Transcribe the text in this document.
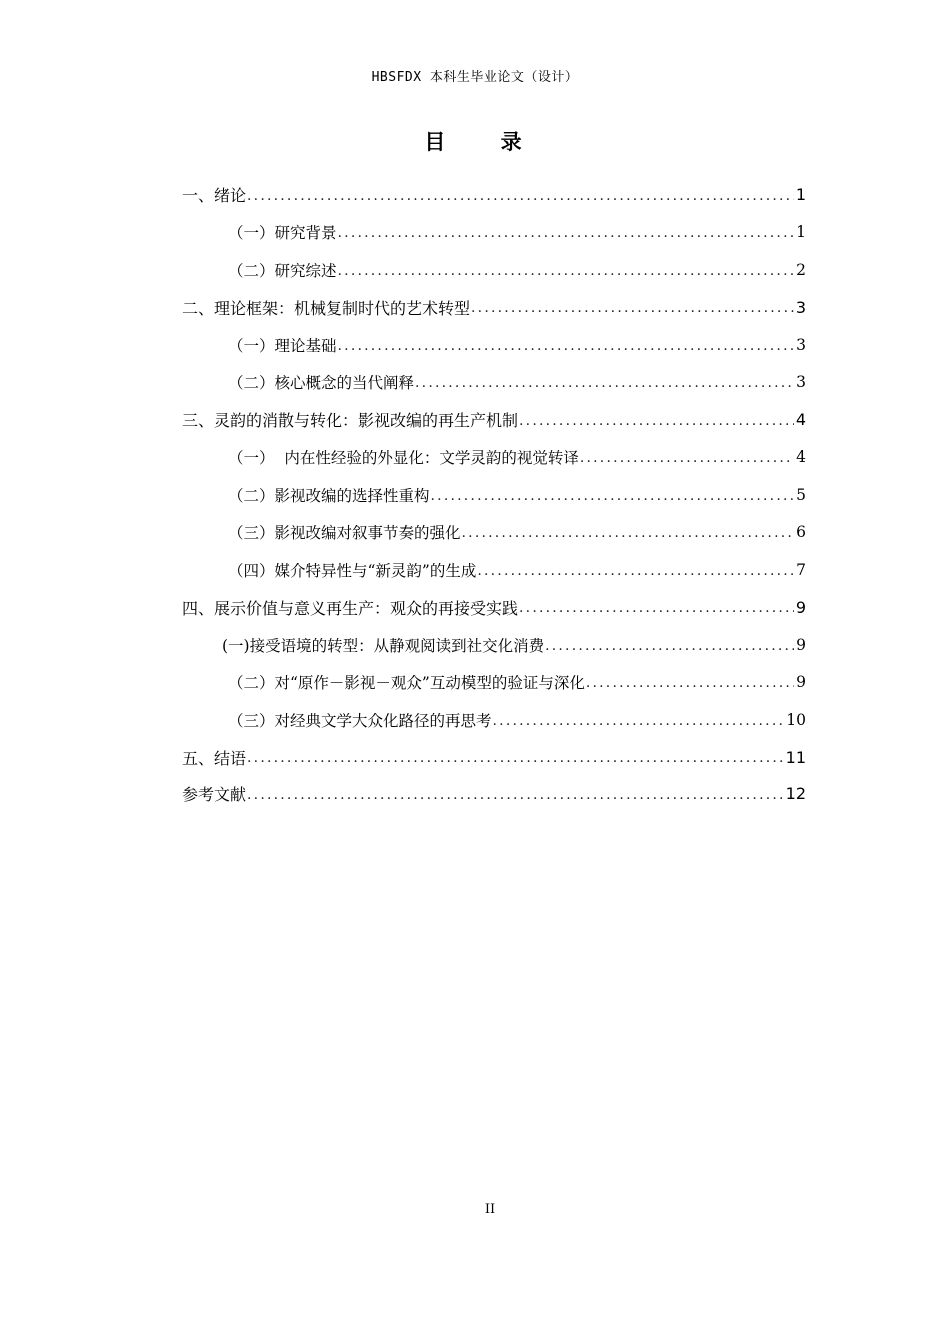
HBSFDX 本科生毕业论文（设计）
目 录
一、绪论 .....	1
（一）研究背景 .....	1
（二）研究综述 .....	2
二、理论框架：机械复制时代的艺术转型 .....	3
（一）理论基础 .....	3
（二）核心概念的当代阐释 .....	3
三、灵韵的消散与转化：影视改编的再生产机制 .....	4
（一）  内在性经验的外显化：文学灵韵的视觉转译 .....	4
（二）影视改编的选择性重构 .....	5
（三）影视改编对叙事节奏的强化 .....	6
（四）媒介特异性与“新灵韵”的生成 .....	7
四、展示价值与意义再生产：观众的再接受实践 .....	9
(一)接受语境的转型：从静观阅读到社交化消费 .....	9
（二）对“原作－影视－观众”互动模型的验证与深化 .....	9
（三）对经典文学大众化路径的再思考 .....	10
五、结语 .....	11
参考文献 .....	12
II
